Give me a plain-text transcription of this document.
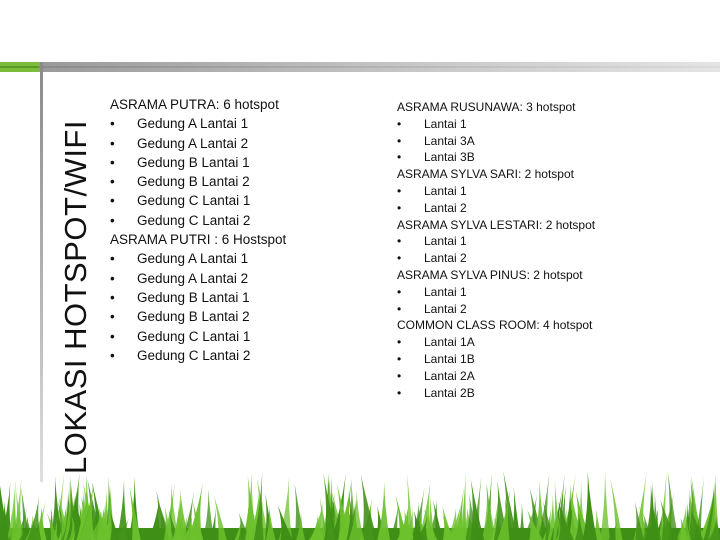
LOKASI HOTSPOT/WIFI
ASRAMA PUTRA: 6 hotspot
•	Gedung A Lantai 1
•	Gedung A Lantai 2
•	Gedung B Lantai 1
•	Gedung B Lantai 2
•	Gedung C Lantai 1
•	Gedung C Lantai 2
ASRAMA PUTRI : 6 Hostspot
•	Gedung A Lantai 1
•	Gedung A Lantai 2
•	Gedung B Lantai 1
•	Gedung B Lantai 2
•	Gedung C Lantai 1
•	Gedung C Lantai 2
ASRAMA RUSUNAWA: 3 hotspot
•	Lantai 1
•	Lantai 3A
•	Lantai 3B
ASRAMA SYLVA SARI: 2 hotspot
•	Lantai 1
•	Lantai 2
ASRAMA SYLVA LESTARI: 2 hotspot
•	Lantai 1
•	Lantai 2
ASRAMA SYLVA PINUS: 2 hotspot
•	Lantai 1
•	Lantai 2
COMMON CLASS ROOM: 4 hotspot
•	Lantai 1A
•	Lantai 1B
•	Lantai 2A
•	Lantai 2B
